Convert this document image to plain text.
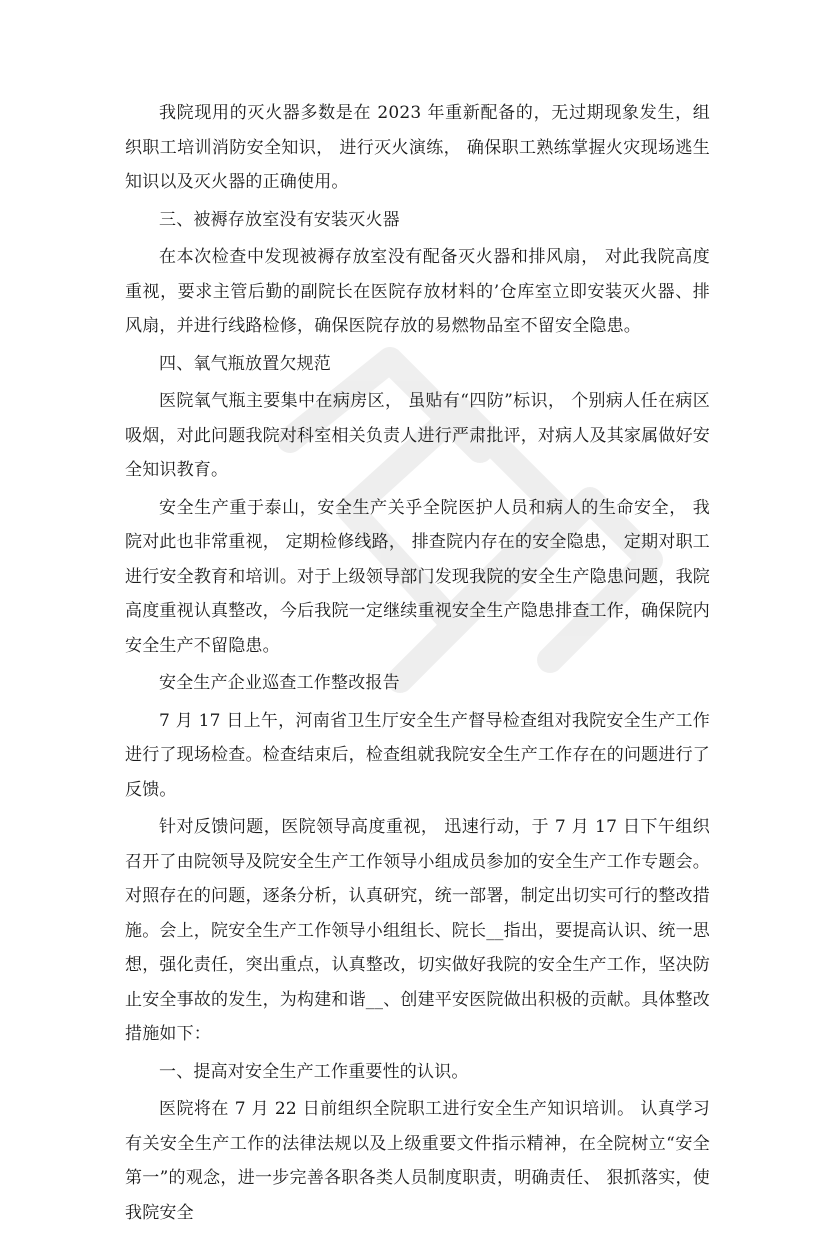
我院现用的灭火器多数是在 2023 年重新配备的，无过期现象发生，组织职工培训消防安全知识， 进行灭火演练， 确保职工熟练掌握火灾现场逃生知识以及灭火器的正确使用。

三、被褥存放室没有安装灭火器

在本次检查中发现被褥存放室没有配备灭火器和排风扇， 对此我院高度重视，要求主管后勤的副院长在医院存放材料的’仓库室立即安装灭火器、排风扇，并进行线路检修，确保医院存放的易燃物品室不留安全隐患。

四、氧气瓶放置欠规范

医院氧气瓶主要集中在病房区， 虽贴有“四防”标识， 个别病人任在病区吸烟，对此问题我院对科室相关负责人进行严肃批评，对病人及其家属做好安全知识教育。

安全生产重于泰山，安全生产关乎全院医护人员和病人的生命安全， 我院对此也非常重视， 定期检修线路， 排查院内存在的安全隐患， 定期对职工进行安全教育和培训。对于上级领导部门发现我院的安全生产隐患问题，我院高度重视认真整改，今后我院一定继续重视安全生产隐患排查工作，确保院内安全生产不留隐患。

安全生产企业巡查工作整改报告

7 月 17 日上午，河南省卫生厅安全生产督导检查组对我院安全生产工作进行了现场检查。检查结束后，检查组就我院安全生产工作存在的问题进行了反馈。

针对反馈问题，医院领导高度重视， 迅速行动，于 7 月 17 日下午组织召开了由院领导及院安全生产工作领导小组成员参加的安全生产工作专题会。对照存在的问题，逐条分析，认真研究，统一部署，制定出切实可行的整改措施。会上，院安全生产工作领导小组组长、院长__指出，要提高认识、统一思想，强化责任，突出重点，认真整改，切实做好我院的安全生产工作，坚决防止安全事故的发生，为构建和谐__、创建平安医院做出积极的贡献。具体整改措施如下：

一、提高对安全生产工作重要性的认识。

医院将在 7 月 22 日前组织全院职工进行安全生产知识培训。 认真学习有关安全生产工作的法律法规以及上级重要文件指示精神，在全院树立“安全第一”的观念，进一步完善各职各类人员制度职责，明确责任、 狠抓落实，使我院安全
